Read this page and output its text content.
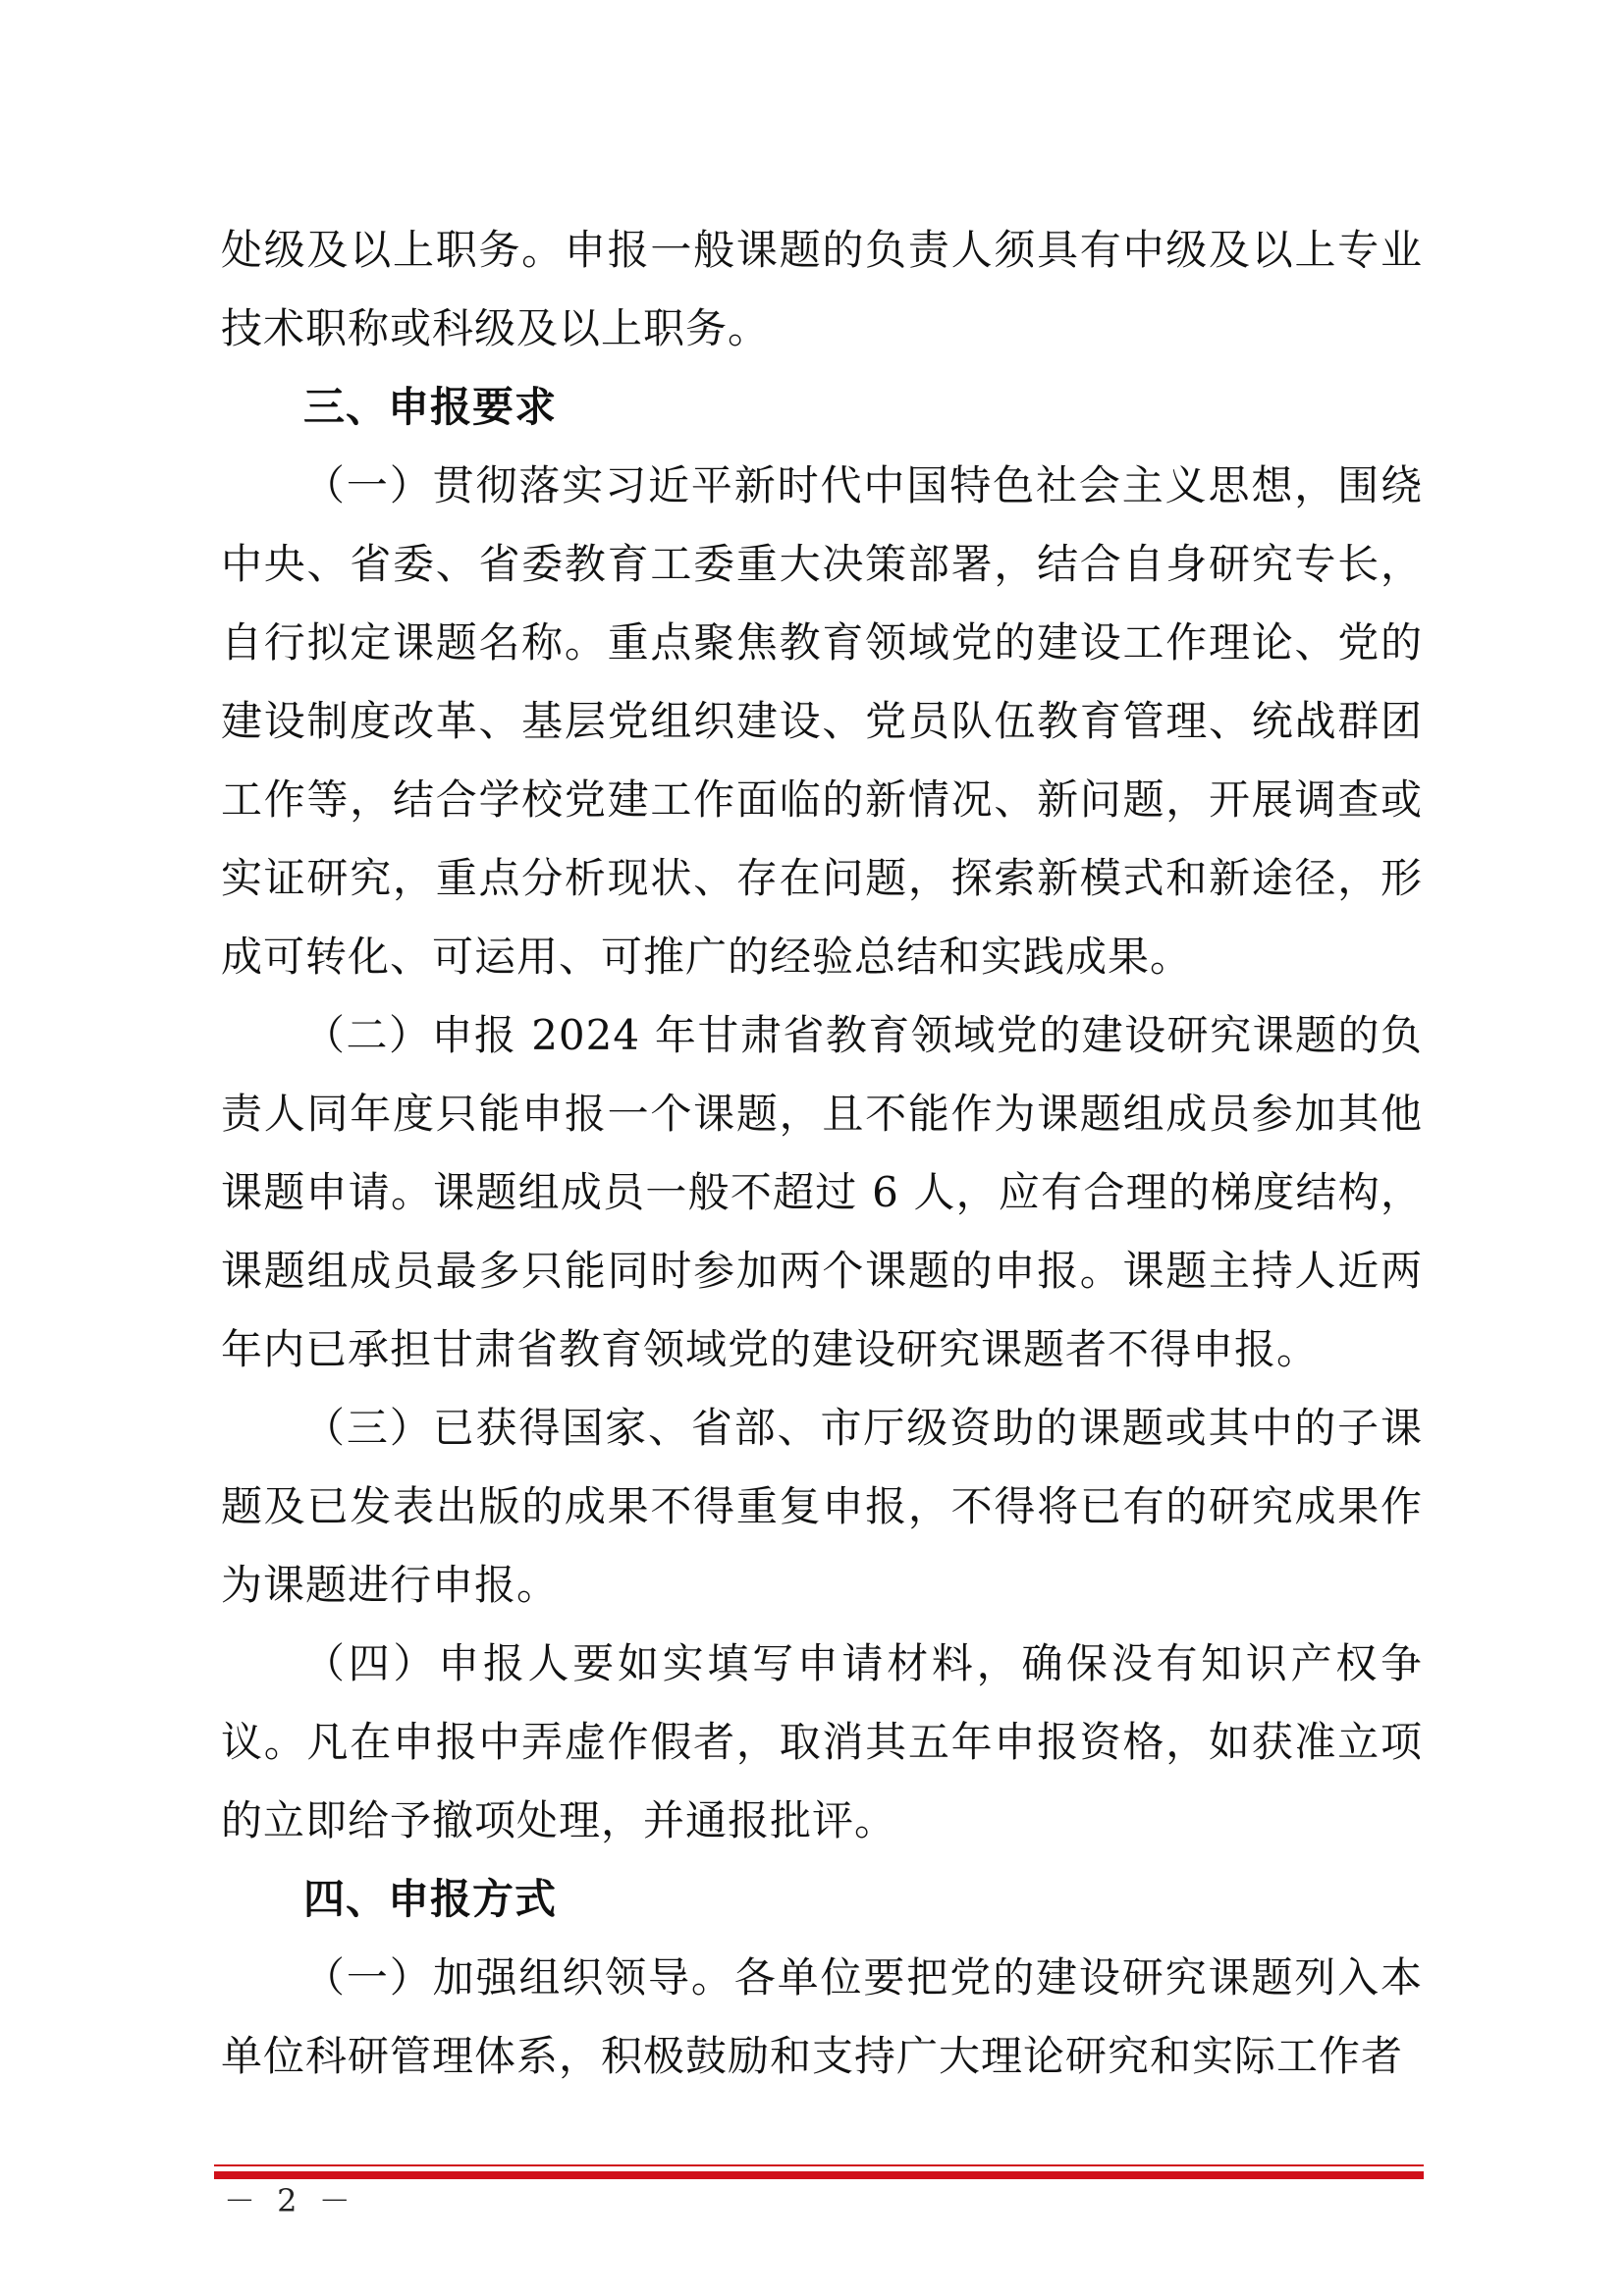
处级及以上职务。申报一般课题的负责人须具有中级及以上专业技术职称或科级及以上职务。

三、申报要求

（一）贯彻落实习近平新时代中国特色社会主义思想，围绕中央、省委、省委教育工委重大决策部署，结合自身研究专长，自行拟定课题名称。重点聚焦教育领域党的建设工作理论、党的建设制度改革、基层党组织建设、党员队伍教育管理、统战群团工作等，结合学校党建工作面临的新情况、新问题，开展调查或实证研究，重点分析现状、存在问题，探索新模式和新途径，形成可转化、可运用、可推广的经验总结和实践成果。

（二）申报 2024 年甘肃省教育领域党的建设研究课题的负责人同年度只能申报一个课题，且不能作为课题组成员参加其他课题申请。课题组成员一般不超过 6 人，应有合理的梯度结构，课题组成员最多只能同时参加两个课题的申报。课题主持人近两年内已承担甘肃省教育领域党的建设研究课题者不得申报。

（三）已获得国家、省部、市厅级资助的课题或其中的子课题及已发表出版的成果不得重复申报，不得将已有的研究成果作为课题进行申报。

（四）申报人要如实填写申请材料，确保没有知识产权争议。凡在申报中弄虚作假者，取消其五年申报资格，如获准立项的立即给予撤项处理，并通报批评。

四、申报方式

（一）加强组织领导。各单位要把党的建设研究课题列入本单位科研管理体系，积极鼓励和支持广大理论研究和实际工作者

－ 2 －
